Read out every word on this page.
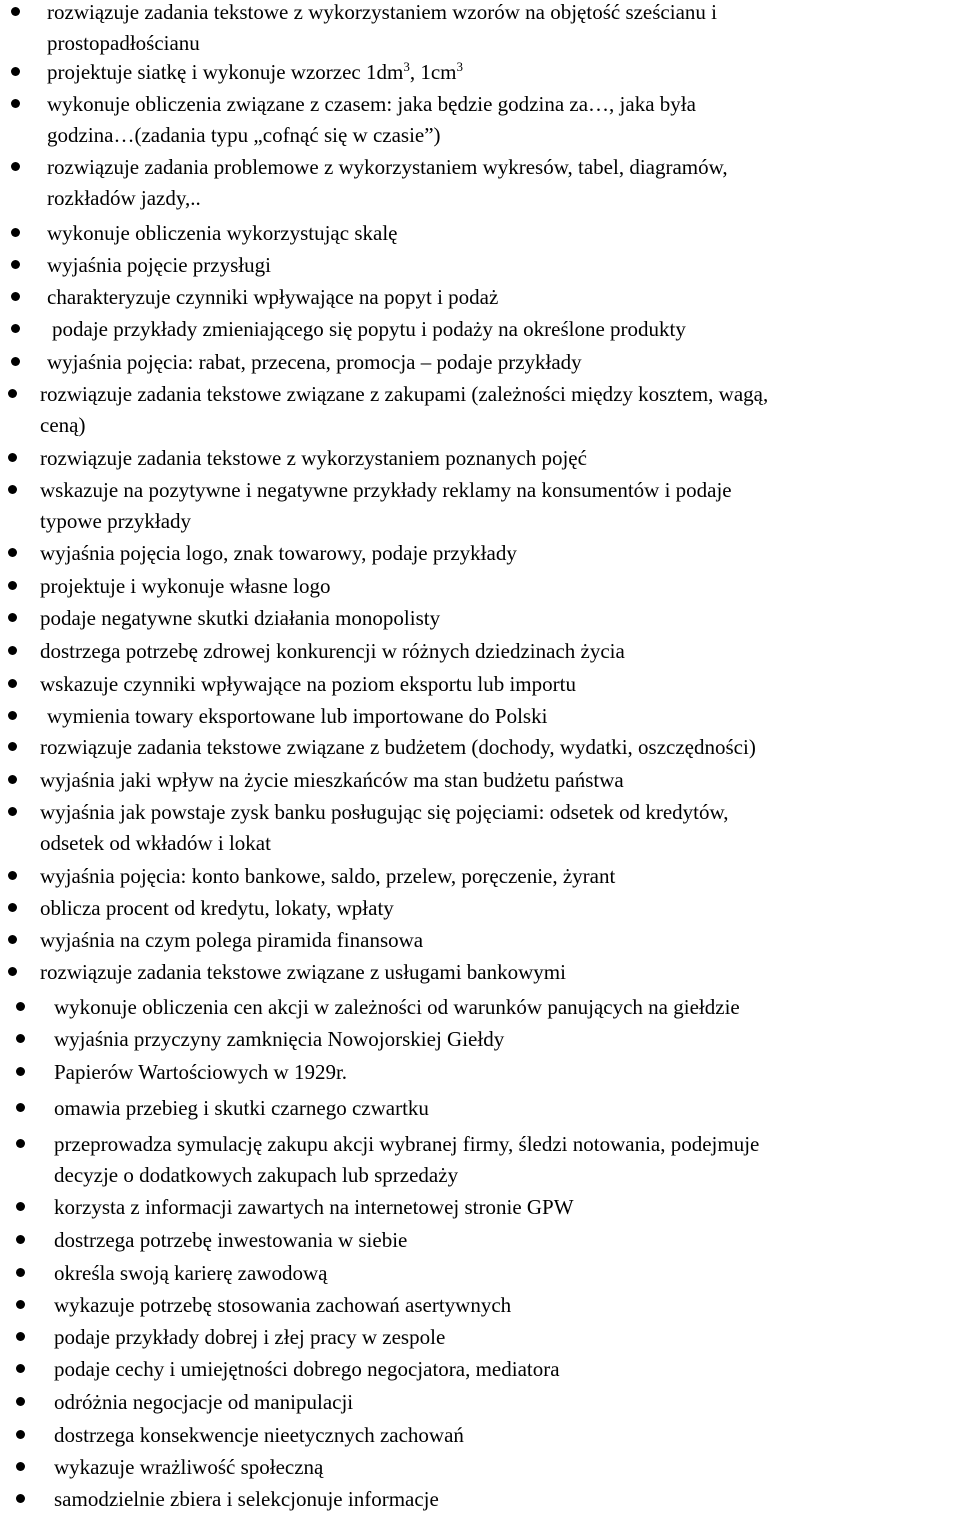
rozwiązuje zadania tekstowe z wykorzystaniem wzorów na objętość sześcianu i
prostopadłościanu
projektuje siatkę i wykonuje wzorzec $1dm^3$, $1cm^3$
wykonuje obliczenia związane z czasem: jaka będzie godzina za…, jaka była
godzina…(zadania typu „cofnąć się w czasie”)
rozwiązuje zadania problemowe z wykorzystaniem wykresów, tabel, diagramów,
rozkładów jazdy,..
wykonuje obliczenia wykorzystując skalę
wyjaśnia pojęcie przysługi
charakteryzuje czynniki wpływające na popyt i podaż
podaje przykłady zmieniającego się popytu i podaży na określone produkty
wyjaśnia pojęcia: rabat, przecena, promocja – podaje przykłady
rozwiązuje zadania tekstowe związane z zakupami (zależności między kosztem, wagą,
ceną)
rozwiązuje zadania tekstowe z wykorzystaniem poznanych pojęć
wskazuje na pozytywne i negatywne przykłady reklamy na konsumentów i podaje
typowe przykłady
wyjaśnia pojęcia logo, znak towarowy, podaje przykłady
projektuje i wykonuje własne logo
podaje negatywne skutki działania monopolisty
dostrzega potrzebę zdrowej konkurencji w różnych dziedzinach życia
wskazuje czynniki wpływające na poziom eksportu lub importu
wymienia towary eksportowane lub importowane do Polski
rozwiązuje zadania tekstowe związane z budżetem (dochody, wydatki, oszczędności)
wyjaśnia jaki wpływ na życie mieszkańców ma stan budżetu państwa
wyjaśnia jak powstaje zysk banku posługując się pojęciami: odsetek od kredytów,
odsetek od wkładów i lokat
wyjaśnia pojęcia: konto bankowe, saldo, przelew, poręczenie, żyrant
oblicza procent od kredytu, lokaty, wpłaty
wyjaśnia na czym polega piramida finansowa
rozwiązuje zadania tekstowe związane z usługami bankowymi
wykonuje obliczenia cen akcji w zależności od warunków panujących na giełdzie
wyjaśnia przyczyny zamknięcia Nowojorskiej Giełdy
Papierów Wartościowych w 1929r.
omawia przebieg i skutki czarnego czwartku
przeprowadza symulację zakupu akcji wybranej firmy, śledzi notowania, podejmuje
decyzje o dodatkowych zakupach lub sprzedaży
korzysta z informacji zawartych na internetowej stronie GPW
dostrzega potrzebę inwestowania w siebie
określa swoją karierę zawodową
wykazuje potrzebę stosowania zachowań asertywnych
podaje przykłady dobrej i złej pracy w zespole
podaje cechy i umiejętności dobrego negocjatora, mediatora
odróżnia negocjacje od manipulacji
dostrzega konsekwencje nieetycznych zachowań
wykazuje wrażliwość społeczną
samodzielnie zbiera i selekcjonuje informacje
